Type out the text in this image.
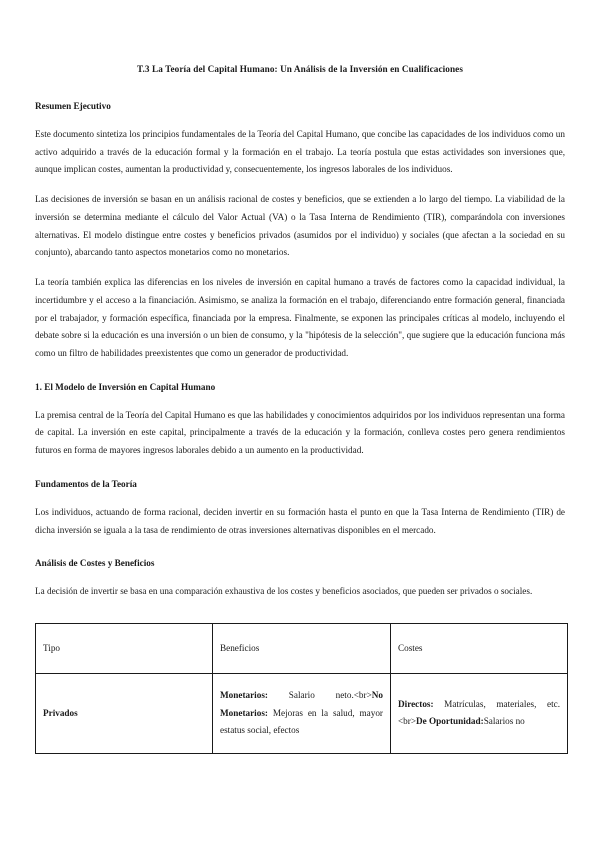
T.3 La Teoría del Capital Humano: Un Análisis de la Inversión en Cualificaciones
Resumen Ejecutivo

Este documento sintetiza los principios fundamentales de la Teoría del Capital Humano, que concibe las capacidades de los individuos como un activo adquirido a través de la educación formal y la formación en el trabajo. La teoría postula que estas actividades son inversiones que, aunque implican costes, aumentan la productividad y, consecuentemente, los ingresos laborales de los individuos.

Las decisiones de inversión se basan en un análisis racional de costes y beneficios, que se extienden a lo largo del tiempo. La viabilidad de la inversión se determina mediante el cálculo del Valor Actual (VA) o la Tasa Interna de Rendimiento (TIR), comparándola con inversiones alternativas. El modelo distingue entre costes y beneficios privados (asumidos por el individuo) y sociales (que afectan a la sociedad en su conjunto), abarcando tanto aspectos monetarios como no monetarios.

La teoría también explica las diferencias en los niveles de inversión en capital humano a través de factores como la capacidad individual, la incertidumbre y el acceso a la financiación. Asimismo, se analiza la formación en el trabajo, diferenciando entre formación general, financiada por el trabajador, y formación específica, financiada por la empresa. Finalmente, se exponen las principales críticas al modelo, incluyendo el debate sobre si la educación es una inversión o un bien de consumo, y la "hipótesis de la selección", que sugiere que la educación funciona más como un filtro de habilidades preexistentes que como un generador de productividad.

1. El Modelo de Inversión en Capital Humano

La premisa central de la Teoría del Capital Humano es que las habilidades y conocimientos adquiridos por los individuos representan una forma de capital. La inversión en este capital, principalmente a través de la educación y la formación, conlleva costes pero genera rendimientos futuros en forma de mayores ingresos laborales debido a un aumento en la productividad.

Fundamentos de la Teoría

Los individuos, actuando de forma racional, deciden invertir en su formación hasta el punto en que la Tasa Interna de Rendimiento (TIR) de dicha inversión se iguala a la tasa de rendimiento de otras inversiones alternativas disponibles en el mercado.

Análisis de Costes y Beneficios

La decisión de invertir se basa en una comparación exhaustiva de los costes y beneficios asociados, que pueden ser privados o sociales.

Tipo	Beneficios	Costes
Privados	Monetarios: Salario neto.<br>No Monetarios: Mejoras en la salud, mayor estatus social, efectos	Directos: Matrículas, materiales, etc.<br>De Oportunidad:Salarios no
